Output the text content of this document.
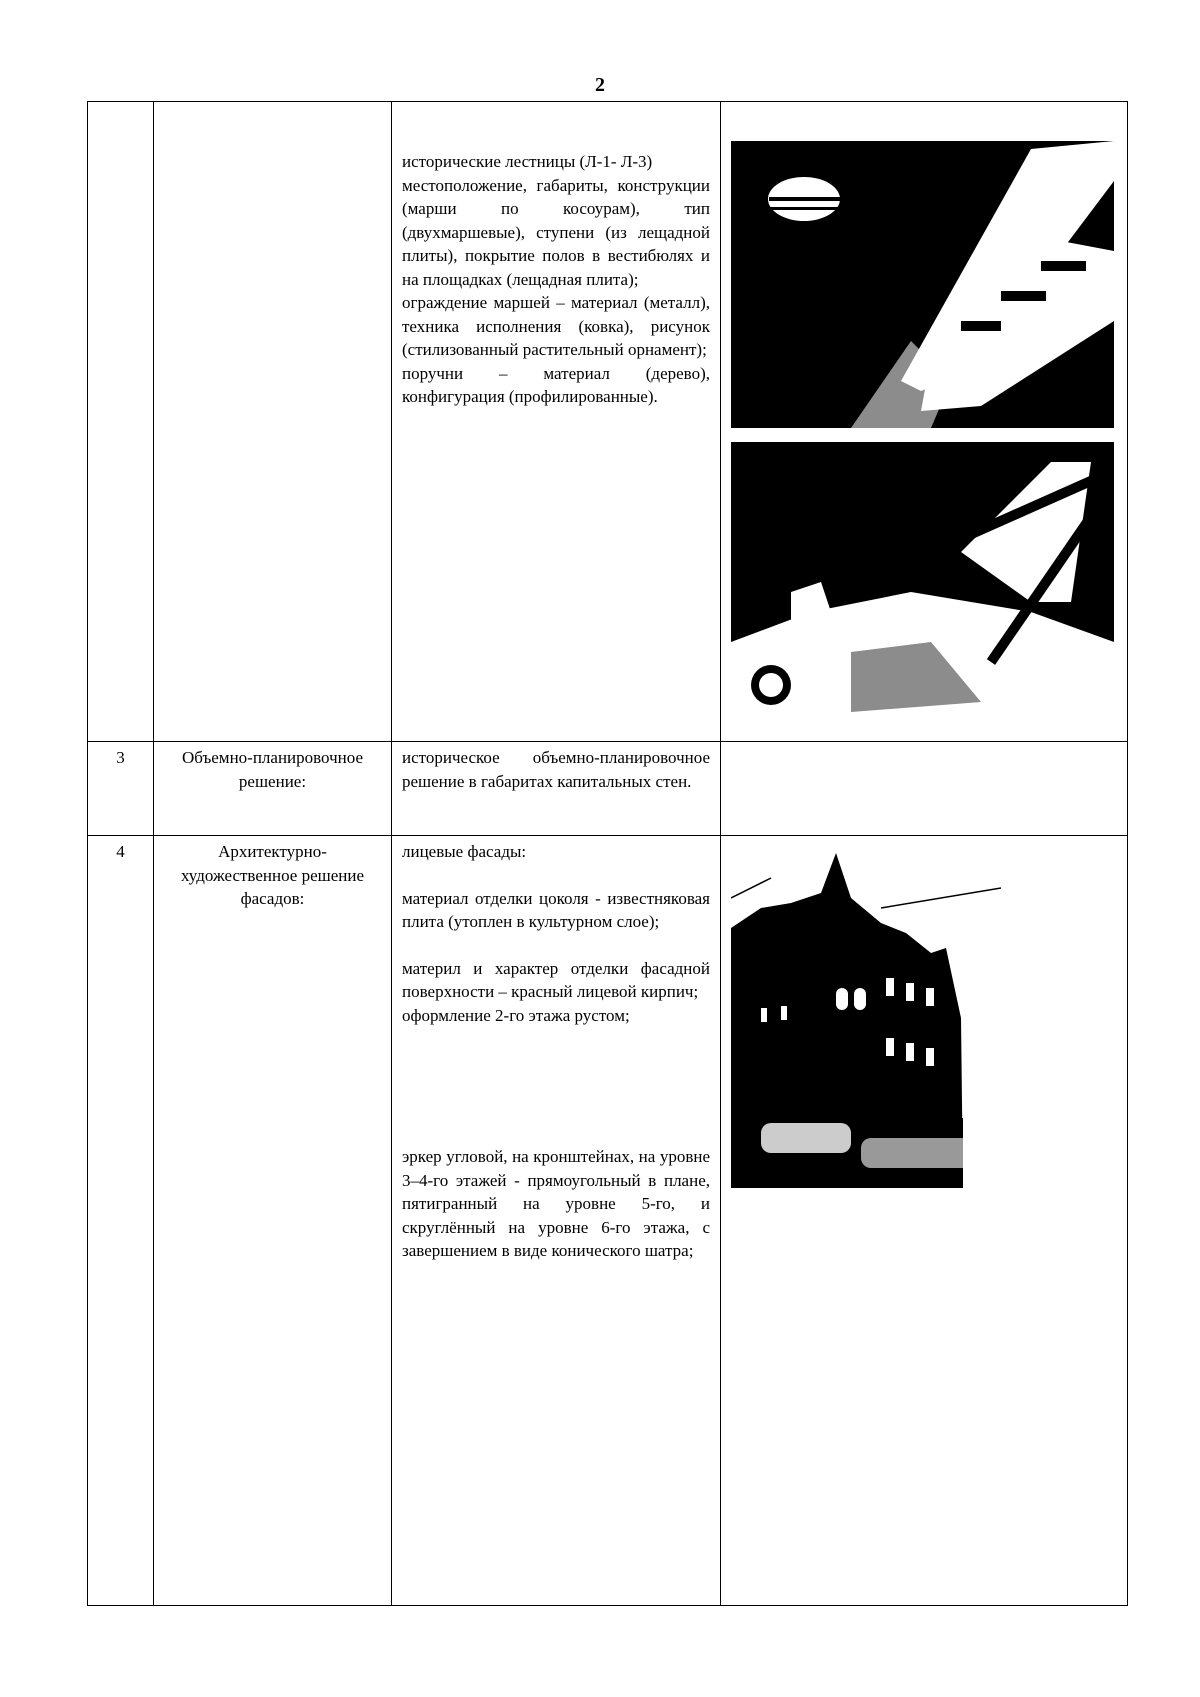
2

		исторические лестницы (Л-1- Л-3)

местоположение, габариты, конструкции (марши по косоурам), тип (двухмаршевые), ступени (из лещадной плиты), покрытие полов в вестибюлях и на площадках (лещадная плита);

ограждение маршей – материал (металл), техника исполнения (ковка), рисунок (стилизованный растительный орнамент);

поручни – материал (дерево), конфигурация (профилированные).

3	Объемно-планировочное решение:	историческое объемно-планировочное решение в габаритах капитальных стен.	

4	Архитектурно-художественное решение фасадов:	лицевые фасады:

материал отделки цоколя - известняковая плита (утоплен в культурном слое);

материл и характер отделки фасадной поверхности – красный лицевой кирпич;

оформление 2-го этажа рустом;

эркер угловой, на кронштейнах, на уровне 3–4-го этажей - прямоугольный в плане, пятигранный на уровне 5-го, и скруглённый на уровне 6-го этажа, с завершением в виде конического шатра;
